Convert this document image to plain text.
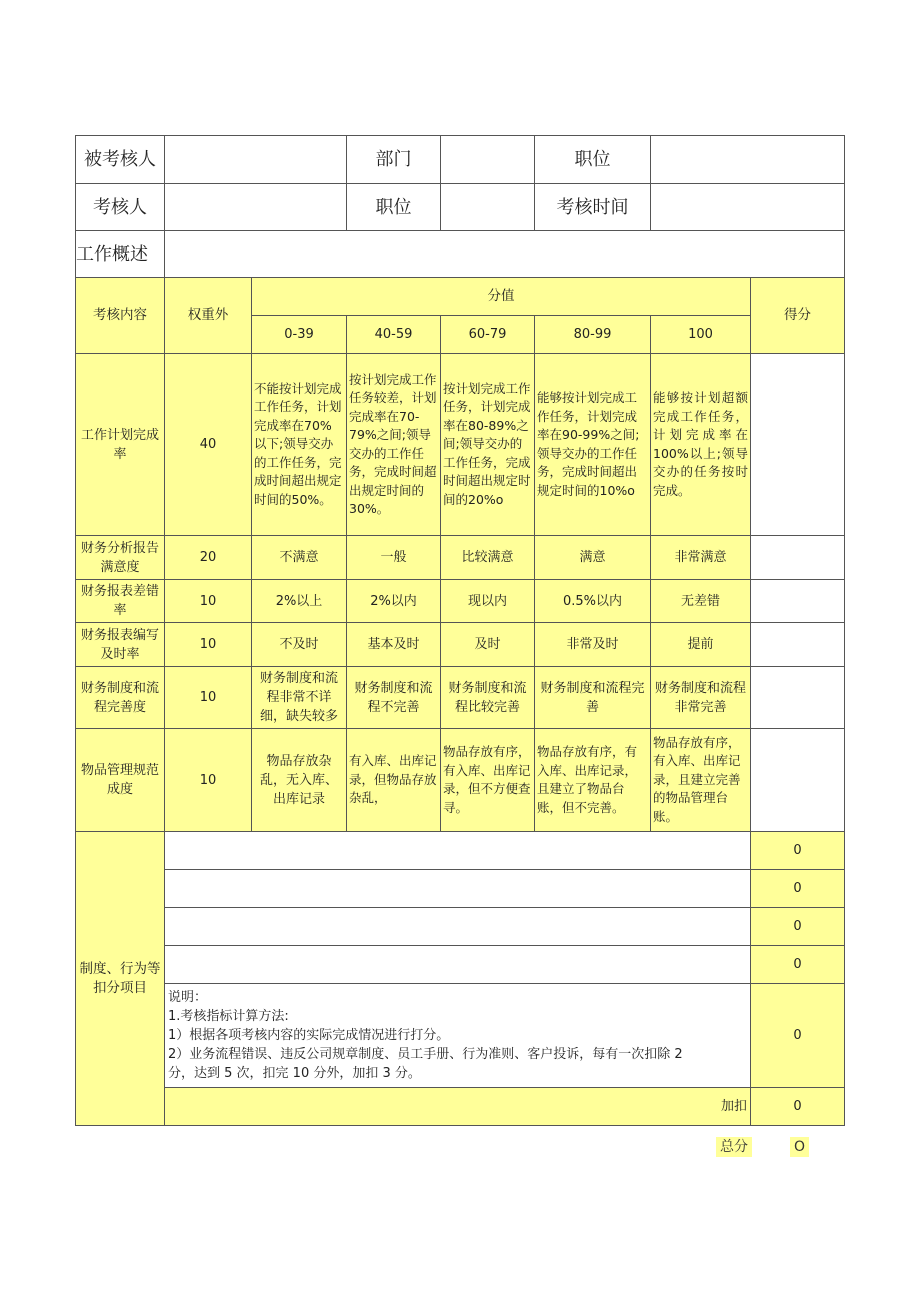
被考核人			部门		职位		
考核人			职位		考核时间		
工作概述							
考核内容	权重外	分值					得分
		0-39	40-59	60-79	80-99	100	
工作计划完成率	40	不能按计划完成工作任务，计划完成率在70%以下;领导交办的工作任务，完成时间超出规定时间的50%。	按计划完成工作任务较差，计划完成率在70-79%之间;领导交办的工作任务，完成时间超出规定时间的30%。	按计划完成工作任务，计划完成率在80-89%之间;领导交办的工作任务，完成时间超出规定时间的20%o	能够按计划完成工作任务，计划完成率在90-99%之间;领导交办的工作任务，完成时间超出规定时间的10%o	能够按计划超额完成工作任务，计划完成率在100%以上;领导交办的任务按时完成。	
财务分析报告满意度	20	不满意	一般	比较满意	满意	非常满意	
财务报表差错率	10	2%以上	2%以内	现以内	0.5%以内	无差错	
财务报表编写及时率	10	不及时	基本及时	及时	非常及时	提前	
财务制度和流程完善度	10	财务制度和流程非常不详细，缺失较多	财务制度和流程不完善	财务制度和流程比较完善	财务制度和流程完善	财务制度和流程非常完善	
物品管理规范成度	10	物品存放杂乱，无入库、出库记录	有入库、出库记录，但物品存放杂乱，	物品存放有序，有入库、出库记录，但不方便查寻。	物品存放有序，有入库、出库记录，且建立了物品台账，但不完善。	物品存放有序，有入库、出库记录，且建立完善的物品管理台账。	
制度、行为等扣分项目							0
							0
							0
							0

	说明：
1.考核指标计算方法:
1）根据各项考核内容的实际完成情况进行打分。
2）业务流程错误、违反公司规章制度、员工手册、行为准则、客户投诉，每有一次扣除 2
分，达到 5 次，扣完 10 分外，加扣 3 分。						0
	加扣						0
总分	O
